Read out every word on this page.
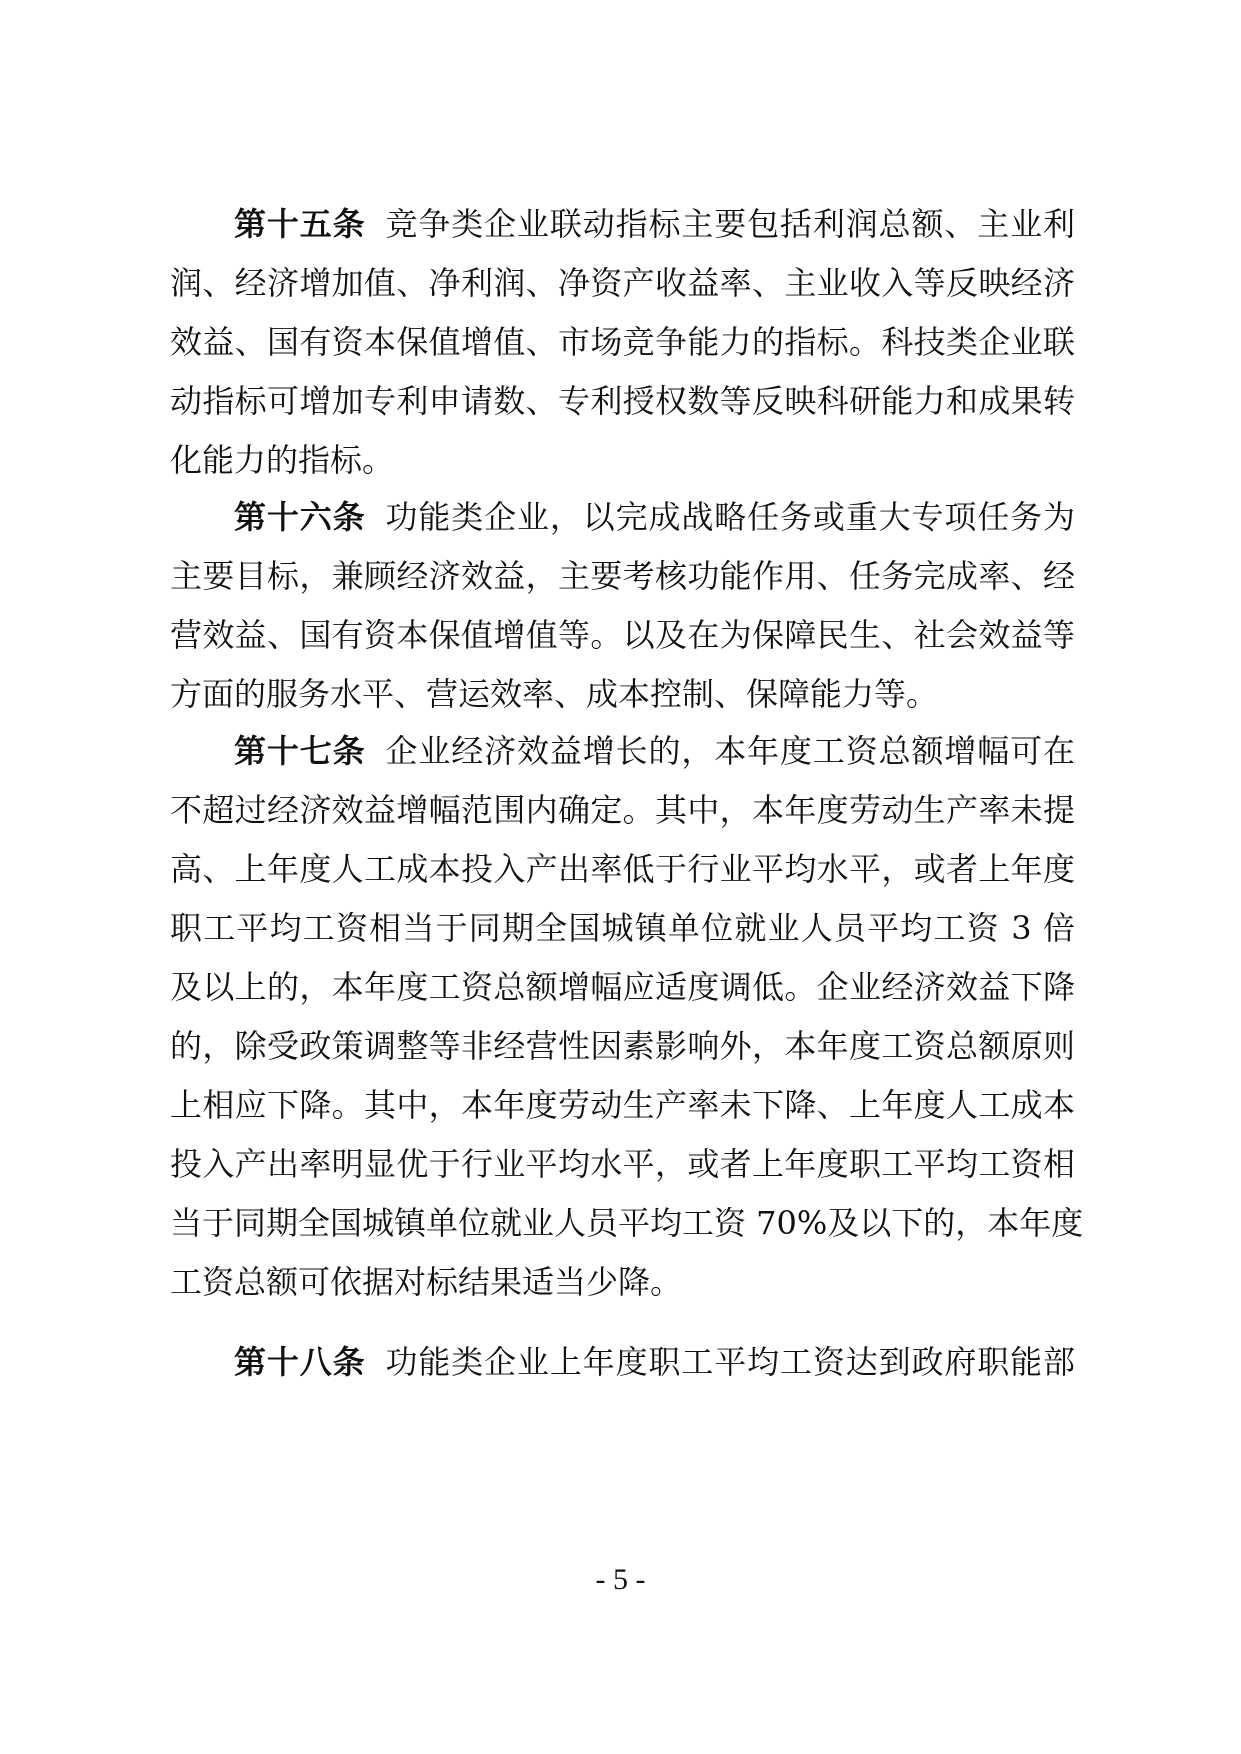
第十五条 竞争类企业联动指标主要包括利润总额、主业利
润、经济增加值、净利润、净资产收益率、主业收入等反映经济
效益、国有资本保值增值、市场竞争能力的指标。科技类企业联
动指标可增加专利申请数、专利授权数等反映科研能力和成果转
化能力的指标。
第十六条 功能类企业，以完成战略任务或重大专项任务为
主要目标，兼顾经济效益，主要考核功能作用、任务完成率、经
营效益、国有资本保值增值等。以及在为保障民生、社会效益等
方面的服务水平、营运效率、成本控制、保障能力等。
第十七条 企业经济效益增长的，本年度工资总额增幅可在
不超过经济效益增幅范围内确定。其中，本年度劳动生产率未提
高、上年度人工成本投入产出率低于行业平均水平，或者上年度
职工平均工资相当于同期全国城镇单位就业人员平均工资 3 倍
及以上的，本年度工资总额增幅应适度调低。企业经济效益下降
的，除受政策调整等非经营性因素影响外，本年度工资总额原则
上相应下降。其中，本年度劳动生产率未下降、上年度人工成本
投入产出率明显优于行业平均水平，或者上年度职工平均工资相
当于同期全国城镇单位就业人员平均工资 70%及以下的，本年度
工资总额可依据对标结果适当少降。
第十八条 功能类企业上年度职工平均工资达到政府职能部
- 5 -
